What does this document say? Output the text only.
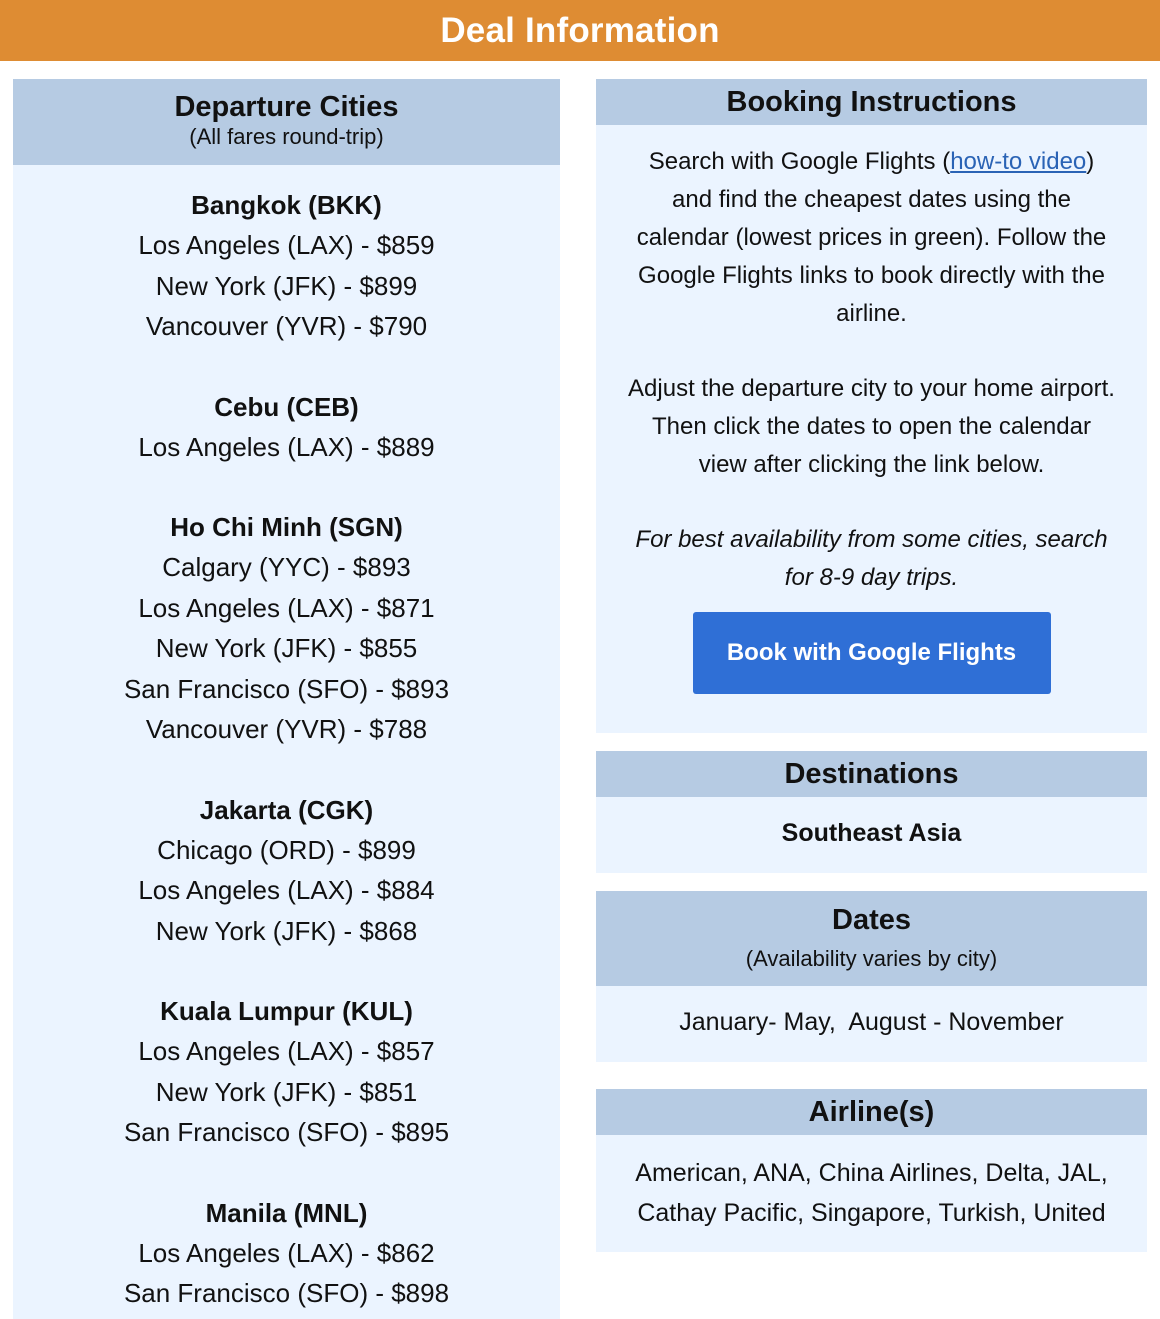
Deal Information
Departure Cities
(All fares round-trip)
Bangkok (BKK)
Los Angeles (LAX) - $859
New York (JFK) - $899
Vancouver (YVR) - $790
Cebu (CEB)
Los Angeles (LAX) - $889
Ho Chi Minh (SGN)
Calgary (YYC) - $893
Los Angeles (LAX) - $871
New York (JFK) - $855
San Francisco (SFO) - $893
Vancouver (YVR) - $788
Jakarta (CGK)
Chicago (ORD) - $899
Los Angeles (LAX) - $884
New York (JFK) - $868
Kuala Lumpur (KUL)
Los Angeles (LAX) - $857
New York (JFK) - $851
San Francisco (SFO) - $895
Manila (MNL)
Los Angeles (LAX) - $862
San Francisco (SFO) - $898
Booking Instructions

Search with Google Flights (how-to video) and find the cheapest dates using the calendar (lowest prices in green). Follow the Google Flights links to book directly with the airline.

Adjust the departure city to your home airport. Then click the dates to open the calendar view after clicking the link below.

For best availability from some cities, search for 8-9 day trips.

Book with Google Flights
Destinations
Southeast Asia
Dates
(Availability varies by city)
January- May,  August - November
Airline(s)
American, ANA, China Airlines, Delta, JAL, Cathay Pacific, Singapore, Turkish, United
